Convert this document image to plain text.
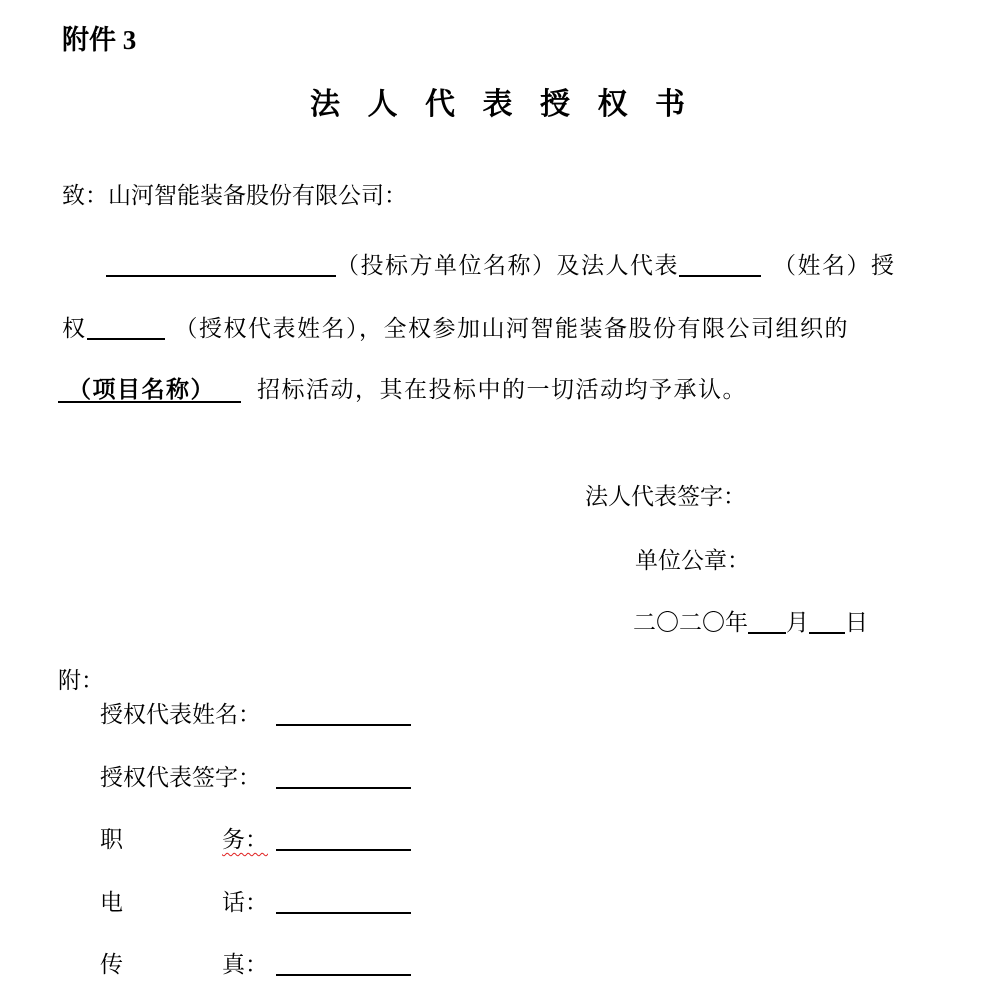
附件 3
法 人 代 表 授 权 书
致：山河智能装备股份有限公司：
（投标方单位名称）及法人代表	（姓名）授
权	（授权代表姓名），全权参加山河智能装备股份有限公司组织的
（项目名称） 招标活动，其在投标中的一切活动均予承认。
法人代表签字：
单位公章：
二〇二〇年 月 日
附：
授权代表姓名：
授权代表签字：
职	务：
电	话：
传	真：
